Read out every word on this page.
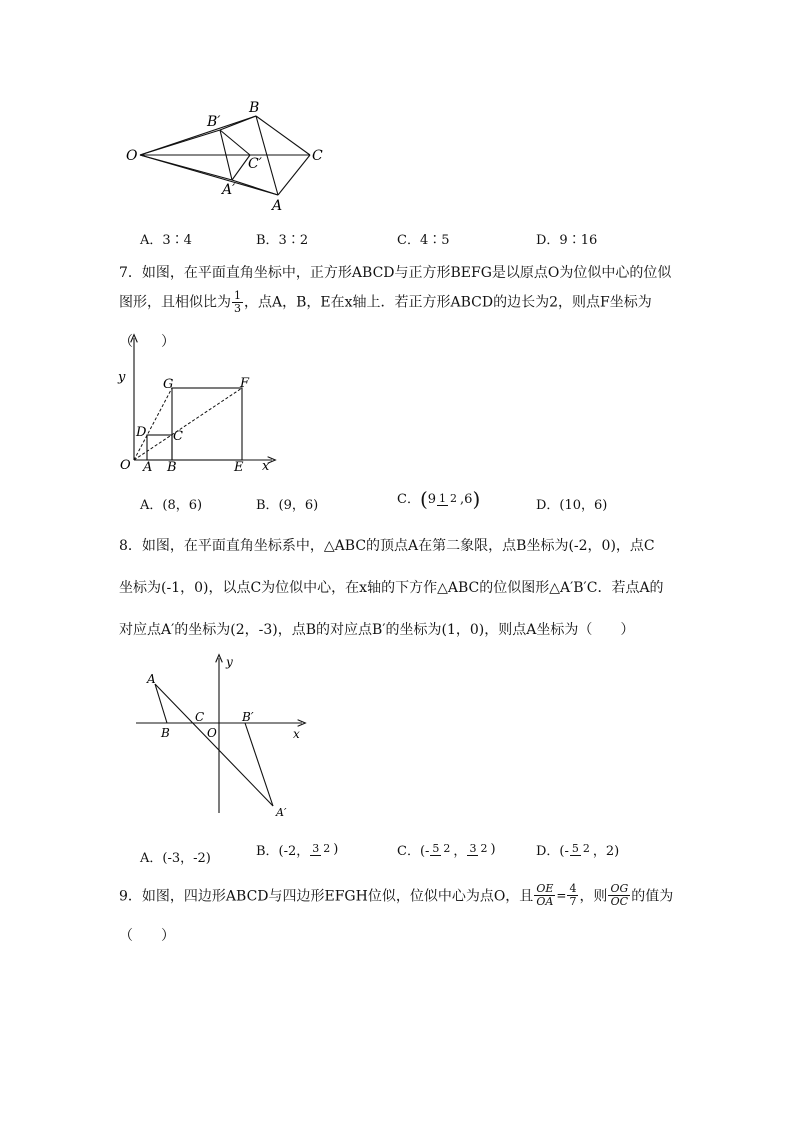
O
B′
B
C′	C
A′
A
A．3∶4	B．3∶2	C．4∶5	D．9∶16
7．如图，在平面直角坐标中，正方形ABCD与正方形BEFG是以原点O为位似中心的位似
图形，且相似比为 $\frac{1}{3}$ ，点A，B，E在x轴上．若正方形ABCD的边长为2，则点F坐标为
（　　）
y
x
G	F
D C
O A B	E
A．(8，6)	B．(9，6)	C．(9 1 2 ,6)	D．(10，6)
8．如图，在平面直角坐标系中，△ABC的顶点A在第二象限，点B坐标为(-2，0)，点C
坐标为(-1，0)，以点C为位似中心，在x轴的下方作△ABC的位似图形△A′B′C．若点A的
对应点A′的坐标为(2，-3)，点B的对应点B′的坐标为(1，0)，则点A坐标为（　　）
A
y
C	B′
B	O	x
A′
A．(-3，-2)	B．(-2， 3 2 )	C．(- 5 2 ， 3 2 )	D．(- 5 2 ，2)
9．如图，四边形ABCD与四边形EFGH位似，位似中心为点O，且 $\frac{OE}{OA} = \frac{4}{7}$ ，则 $\frac{OG}{OC}$ 的值为
（　　）
